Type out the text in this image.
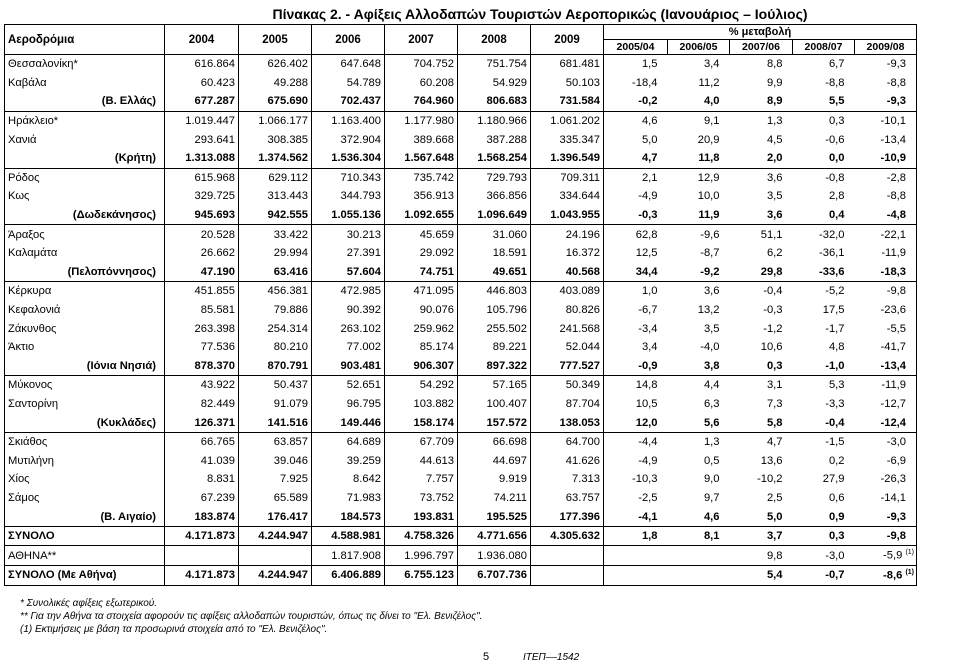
Πίνακας 2. - Αφίξεις Αλλοδαπών Τουριστών Αεροπορικώς (Ιανουάριος – Ιούλιος)
Αεροδρόμια	2004	2005	2006	2007	2008	2009	% μεταβολή				
							2005/04	2006/05	2007/06	2008/07	2009/08
Θεσσαλονίκη*	616.864	626.402	647.648	704.752	751.754	681.481	1,5	3,4	8,8	6,7	-9,3
Καβάλα	60.423	49.288	54.789	60.208	54.929	50.103	-18,4	11,2	9,9	-8,8	-8,8
(Β. Ελλάς)	677.287	675.690	702.437	764.960	806.683	731.584	-0,2	4,0	8,9	5,5	-9,3
Ηράκλειο*	1.019.447	1.066.177	1.163.400	1.177.980	1.180.966	1.061.202	4,6	9,1	1,3	0,3	-10,1
Χανιά	293.641	308.385	372.904	389.668	387.288	335.347	5,0	20,9	4,5	-0,6	-13,4
(Κρήτη)	1.313.088	1.374.562	1.536.304	1.567.648	1.568.254	1.396.549	4,7	11,8	2,0	0,0	-10,9
Ρόδος	615.968	629.112	710.343	735.742	729.793	709.311	2,1	12,9	3,6	-0,8	-2,8
Κως	329.725	313.443	344.793	356.913	366.856	334.644	-4,9	10,0	3,5	2,8	-8,8
(Δωδεκάνησος)	945.693	942.555	1.055.136	1.092.655	1.096.649	1.043.955	-0,3	11,9	3,6	0,4	-4,8
Άραξος	20.528	33.422	30.213	45.659	31.060	24.196	62,8	-9,6	51,1	-32,0	-22,1
Καλαμάτα	26.662	29.994	27.391	29.092	18.591	16.372	12,5	-8,7	6,2	-36,1	-11,9
(Πελοπόννησος)	47.190	63.416	57.604	74.751	49.651	40.568	34,4	-9,2	29,8	-33,6	-18,3
Κέρκυρα	451.855	456.381	472.985	471.095	446.803	403.089	1,0	3,6	-0,4	-5,2	-9,8
Κεφαλονιά	85.581	79.886	90.392	90.076	105.796	80.826	-6,7	13,2	-0,3	17,5	-23,6
Ζάκυνθος	263.398	254.314	263.102	259.962	255.502	241.568	-3,4	3,5	-1,2	-1,7	-5,5
Άκτιο	77.536	80.210	77.002	85.174	89.221	52.044	3,4	-4,0	10,6	4,8	-41,7
(Ιόνια Νησιά)	878.370	870.791	903.481	906.307	897.322	777.527	-0,9	3,8	0,3	-1,0	-13,4
Μύκονος	43.922	50.437	52.651	54.292	57.165	50.349	14,8	4,4	3,1	5,3	-11,9
Σαντορίνη	82.449	91.079	96.795	103.882	100.407	87.704	10,5	6,3	7,3	-3,3	-12,7
(Κυκλάδες)	126.371	141.516	149.446	158.174	157.572	138.053	12,0	5,6	5,8	-0,4	-12,4
Σκιάθος	66.765	63.857	64.689	67.709	66.698	64.700	-4,4	1,3	4,7	-1,5	-3,0
Μυτιλήνη	41.039	39.046	39.259	44.613	44.697	41.626	-4,9	0,5	13,6	0,2	-6,9
Χίος	8.831	7.925	8.642	7.757	9.919	7.313	-10,3	9,0	-10,2	27,9	-26,3
Σάμος	67.239	65.589	71.983	73.752	74.211	63.757	-2,5	9,7	2,5	0,6	-14,1
(Β. Αιγαίο)	183.874	176.417	184.573	193.831	195.525	177.396	-4,1	4,6	5,0	0,9	-9,3
ΣΥΝΟΛΟ	4.171.873	4.244.947	4.588.981	4.758.326	4.771.656	4.305.632	1,8	8,1	3,7	0,3	-9,8
ΑΘΗΝΑ**			1.817.908	1.996.797	1.936.080				9,8	-3,0	-5,9 $^{(1)}$
ΣΥΝΟΛΟ (Με Αθήνα)	4.171.873	4.244.947	6.406.889	6.755.123	6.707.736				5,4	-0,7	-8,6 $^{(1)}$
* Συνολικές αφίξεις εξωτερικού.
** Για την Αθήνα τα στοιχεία αφορούν τις αφίξεις αλλοδαπών τουριστών, όπως τις δίνει το "Ελ. Βενιζέλος".
(1) Εκτιμήσεις με βάση τα προσωρινά στοιχεία από το "Ελ. Βενιζέλος".
5	ΙΤΕΠ––1542
